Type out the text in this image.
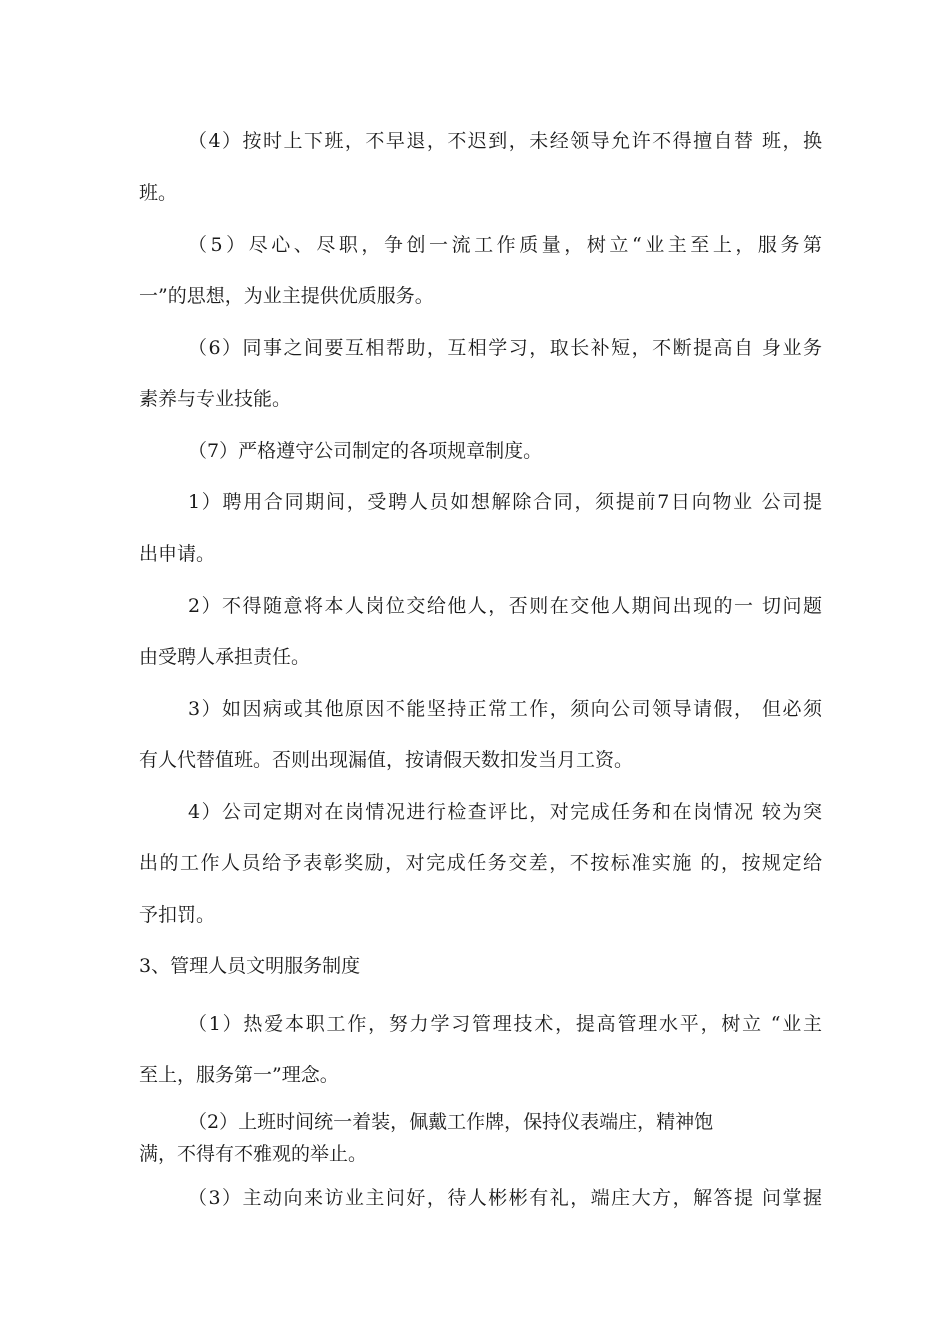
（4）按时上下班，不早退，不迟到，未经领导允许不得擅自替 班，换
班。
（5）尽心、尽职，争创一流工作质量，树立“业主至上，服务第
一”的思想，为业主提供优质服务。
（6）同事之间要互相帮助，互相学习，取长补短，不断提高自 身业务
素养与专业技能。
（7）严格遵守公司制定的各项规章制度。
1）聘用合同期间，受聘人员如想解除合同，须提前7日向物业 公司提
出申请。
2）不得随意将本人岗位交给他人，否则在交他人期间出现的一 切问题
由受聘人承担责任。
3）如因病或其他原因不能坚持正常工作，须向公司领导请假， 但必须
有人代替值班。否则出现漏值，按请假天数扣发当月工资。
4）公司定期对在岗情况进行检查评比，对完成任务和在岗情况 较为突
出的工作人员给予表彰奖励，对完成任务交差，不按标准实施 的，按规定给
予扣罚。
3、管理人员文明服务制度
（1）热爱本职工作，努力学习管理技术，提高管理水平，树立 “业主
至上，服务第一”理念。
（2）上班时间统一着装，佩戴工作牌，保持仪表端庄，精神饱
满，不得有不雅观的举止。
（3）主动向来访业主问好，待人彬彬有礼，端庄大方，解答提 问掌握
